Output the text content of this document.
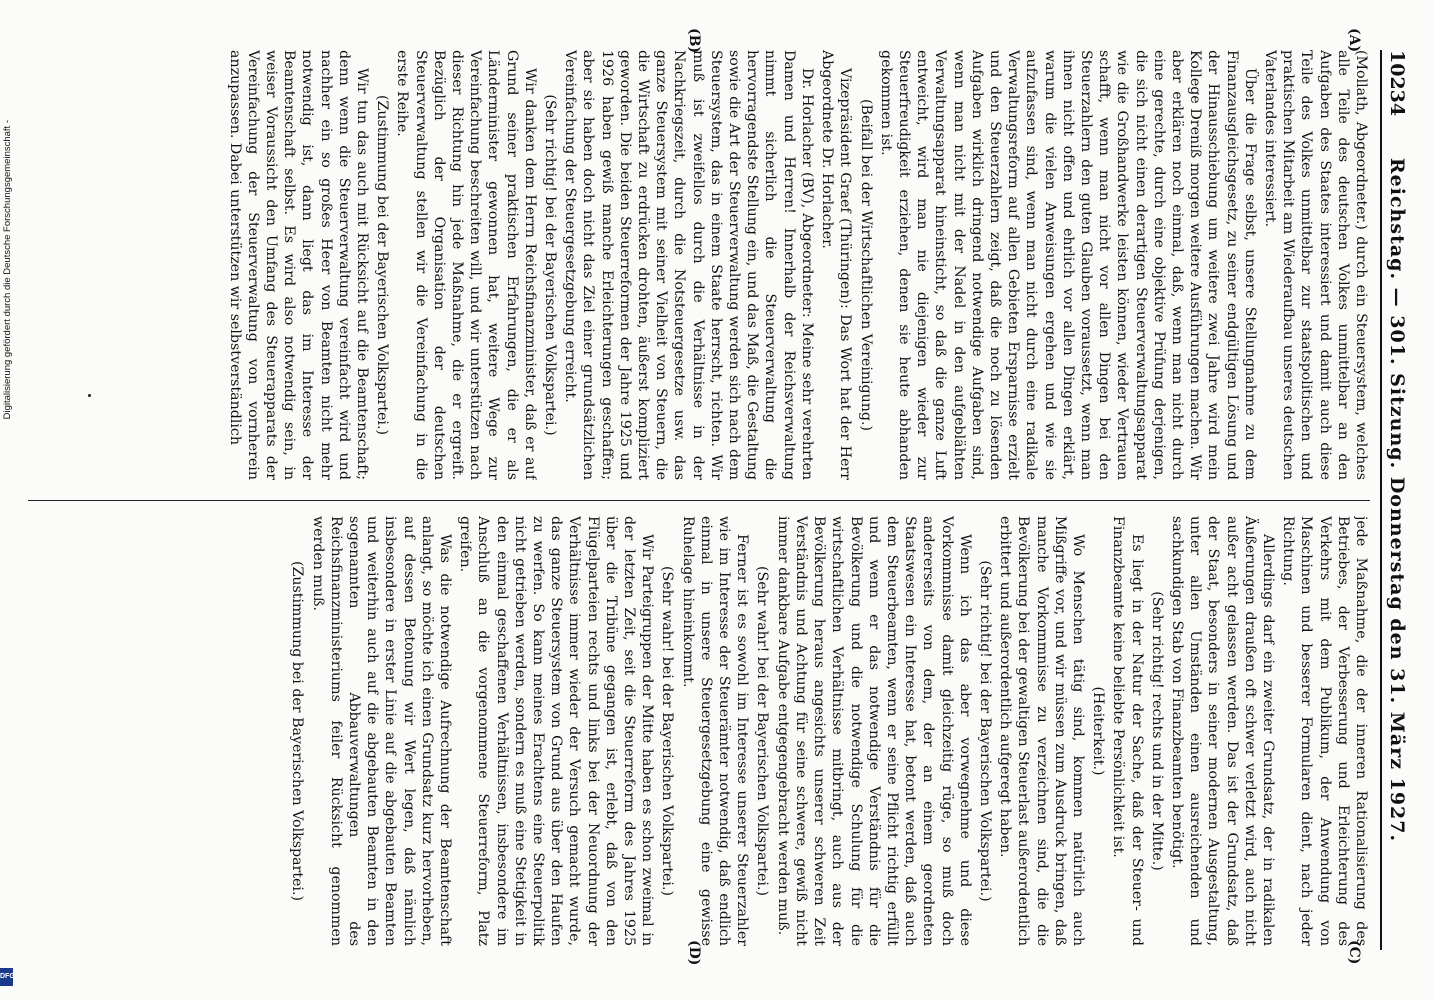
Digitalisierung gefördert durch die Deutsche Forschungsgemeinschaft -
DFG
10234
Reichstag. — 301. Sitzung. Donnerstag den 31. März 1927.
(A)
(B)
(C)
(D)

(Mollath, Abgeordneter.) durch ein Steuersystem, welches alle Teile des deutschen Volkes unmittelbar an den Aufgaben des Staates interessiert und damit auch diese Teile des Volkes unmittelbar zur staatspolitischen und praktischen Mitarbeit am Wiederaufbau unseres deutschen Vaterlandes interessiert.

Über die Frage selbst, unsere Stellungnahme zu dem Finanzausgleichsgesetz, zu seiner endgültigen Lösung und der Hinausschiebung um weitere zwei Jahre wird mein Kollege Dreniß morgen weitere Ausführungen machen. Wir aber erklären noch einmal, daß, wenn man nicht durch eine gerechte, durch eine objektive Prüfung derjenigen, die sich nicht einen derartigen Steuerverwaltungsapparat wie die Großhandwerke leisten können, wieder Vertrauen schafft, wenn man nicht vor allen Dingen bei den Steuerzahlern den guten Glauben voraussetzt, wenn man ihnen nicht offen und ehrlich vor allen Dingen erklärt, warum die vielen Anweisungen ergehen und wie sie aufzufassen sind, wenn man nicht durch eine radikale Verwaltungsreform auf allen Gebieten Ersparnisse erzielt und den Steuerzahlern zeigt, daß die noch zu lösenden Aufgaben wirklich dringend notwendige Aufgaben sind, wenn man nicht mit der Nadel in den aufgeblähten Verwaltungsapparat hineinsticht, so daß die ganze Luft entweicht, wird man nie diejenigen wieder zur Steuerfreudigkeit erziehen, denen sie heute abhanden gekommen ist.

(Beifall bei der Wirtschaftlichen Vereinigung.)

Vizepräsident Graef (Thüringen): Das Wort hat der Herr Abgeordnete Dr. Horlacher.

Dr. Horlacher (BV), Abgeordneter: Meine sehr verehrten Damen und Herren! Innerhalb der Reichsverwaltung nimmt sicherlich die Steuerverwaltung die hervorragendste Stellung ein, und das Maß, die Gestaltung sowie die Art der Steuerverwaltung werden sich nach dem Steuersystem, das in einem Staate herrscht, richten. Wir muß ist zweifellos durch die Verhältnisse in der Nachkriegszeit, durch die Notsteuergesetze usw. das ganze Steuersystem mit seiner Vielheit von Steuern, die die Wirtschaft zu erdrücken drohten, äußerst kompliziert geworden. Die beiden Steuerreformen der Jahre 1925 und 1926 haben gewiß manche Erleichterungen geschaffen; aber sie haben doch nicht das Ziel einer grundsätzlichen Vereinfachung der Steuergesetzgebung erreicht.

(Sehr richtig! bei der Bayerischen Volkspartei.)

Wir danken dem Herrn Reichsfinanzminister, daß er auf Grund seiner praktischen Erfahrungen, die er als Länderminister gewonnen hat, weitere Wege zur Vereinfachung beschreiten will, und wir unterstützen nach dieser Richtung hin jede Maßnahme, die er ergreift. Bezüglich der Organisation der deutschen Steuerverwaltung stellen wir die Vereinfachung in die erste Reihe.

(Zustimmung bei der Bayerischen Volkspartei.)

Wir tun das auch mit Rücksicht auf die Beamtenschaft; denn wenn die Steuerverwaltung vereinfacht wird und nachher ein so großes Heer von Beamten nicht mehr notwendig ist, dann liegt das im Interesse der Beamtenschaft selbst. Es wird also notwendig sein, in weiser Voraussicht den Umfang des Steuerapparats der Vereinfachung der Steuerverwaltung von vornherein anzupassen. Dabei unterstützen wir selbstverständlich

jede Maßnahme, die der inneren Rationalisierung des Betriebes, der Verbesserung und Erleichterung des Verkehrs mit dem Publikum, der Anwendung von Maschinen und besserer Formularen dient, nach jeder Richtung.

Allerdings darf ein zweiter Grundsatz, der in radikalen Äußerungen draußen oft schwer verletzt wird, auch nicht außer acht gelassen werden. Das ist der Grundsatz, daß der Staat, besonders in seiner modernen Ausgestaltung, unter allen Umständen einen ausreichenden und sachkundigen Stab von Finanzbeamten benötigt.

(Sehr richtig! rechts und in der Mitte.)

Es liegt in der Natur der Sache, daß der Steuer- und Finanzbeamte keine beliebte Persönlichkeit ist.

(Heiterkeit.)

Wo Menschen tätig sind, kommen natürlich auch Mißgriffe vor, und wir müssen zum Ausdruck bringen, daß manche Vorkommnisse zu verzeichnen sind, die die Bevölkerung bei der gewaltigen Steuerlast außerordentlich erbittert und außerordentlich aufgeregt haben.

(Sehr richtig! bei der Bayerischen Volkspartei.)

Wenn ich das aber vorwegnehme und diese Vorkommnisse damit gleichzeitig rüge, so muß doch andererseits von dem, der an einem geordneten Staatswesen ein Interesse hat, betont werden, daß auch dem Steuerbeamten, wenn er seine Pflicht richtig erfüllt und wenn er das notwendige Verständnis für die Bevölkerung und die notwendige Schulung für die wirtschaftlichen Verhältnisse mitbringt, auch aus der Bevölkerung heraus angesichts unserer schweren Zeit Verständnis und Achtung für seine schwere, gewiß nicht immer dankbare Aufgabe entgegengebracht werden muß.

(Sehr wahr! bei der Bayerischen Volkspartei.)

Ferner ist es sowohl im Interesse unserer Steuerzahler wie im Interesse der Steuerämter notwendig, daß endlich einmal in unsere Steuergesetzgebung eine gewisse Ruhelage hineinkommt.

(Sehr wahr! bei der Bayerischen Volkspartei.)

Wir Parteigruppen der Mitte haben es schon zweimal in der letzten Zeit, seit die Steuerreform des Jahres 1925 über die Tribüne gegangen ist, erlebt, daß von den Flügelparteien rechts und links bei der Neuordnung der Verhältnisse immer wieder der Versuch gemacht wurde, das ganze Steuersystem von Grund aus über den Haufen zu werfen. So kann meines Erachtens eine Steuerpolitik nicht getrieben werden, sondern es muß eine Stetigkeit in den einmal geschaffenen Verhältnissen, insbesondere im Anschluß an die vorgenommene Steuerreform, Platz greifen.

Was die notwendige Aufrechnung der Beamtenschaft anlangt, so möchte ich einen Grundsatz kurz hervorheben, auf dessen Betonung wir Wert legen, daß nämlich insbesondere in erster Linie auf die abgebauten Beamten und weiterhin auch auf die abgebauten Beamten in den sogenannten Abbauverwaltungen des Reichsfinanzministeriums feiler Rücksicht genommen werden muß.

(Zustimmung bei der Bayerischen Volkspartei.)
